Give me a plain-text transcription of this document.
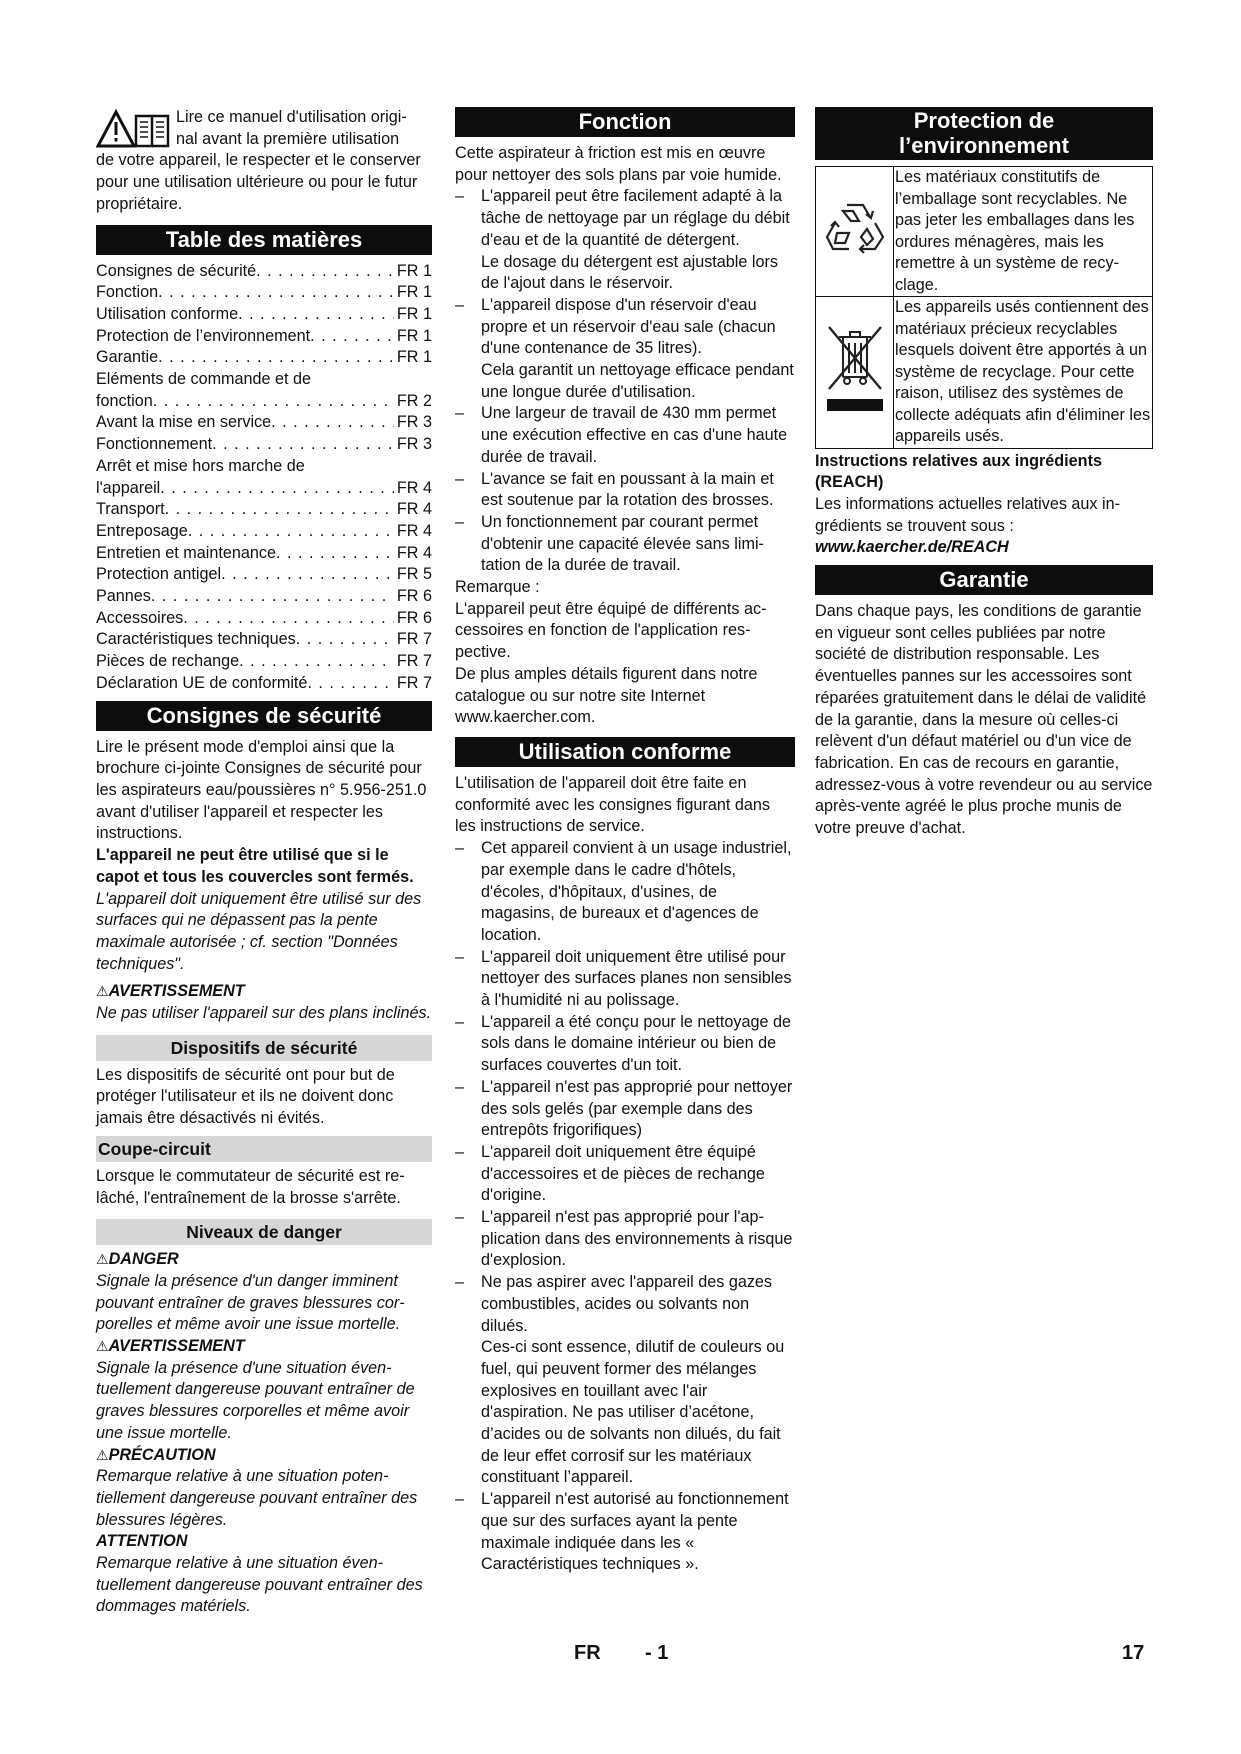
Lire ce manuel d'utilisation origi-

nal avant la première utilisation

de votre appareil, le respecter et le conserver pour une utilisation ultérieure ou pour le futur propriétaire.

Table des matières
Consignes de sécurité . . .	FR 1
Fonction . . .	FR 1
Utilisation conforme . . .	FR 1
Protection de l’environnement . . .	FR 1
Garantie . . .	FR 1
Eléments de commande et de
fonction . . .	FR 2
Avant la mise en service . . .	FR 3
Fonctionnement . . .	FR 3
Arrêt et mise hors marche de
l'appareil . . .	FR 4
Transport . . .	FR 4
Entreposage . . .	FR 4
Entretien et maintenance . . .	FR 4
Protection antigel . . .	FR 5
Pannes . . .	FR 6
Accessoires . . .	FR 6
Caractéristiques techniques . . .	FR 7
Pièces de rechange . . .	FR 7
Déclaration UE de conformité . . .	FR 7
Consignes de sécurité

Lire le présent mode d'emploi ainsi que la brochure ci-jointe Consignes de sécurité pour les aspirateurs eau/poussières n° 5.956-251.0 avant d'utiliser l'appareil et respecter les instructions.

L'appareil ne peut être utilisé que si le capot et tous les couvercles sont fermés.

L'appareil doit uniquement être utilisé sur des surfaces qui ne dépassent pas la pente maximale autorisée ; cf. section "Données techniques".

⚠AVERTISSEMENT

Ne pas utiliser l'appareil sur des plans inclinés.

Dispositifs de sécurité

Les dispositifs de sécurité ont pour but de protéger l'utilisateur et ils ne doivent donc jamais être désactivés ni évités.

Coupe-circuit

Lorsque le commutateur de sécurité est relâché, l'entraînement de la brosse s'arrête.

Niveaux de danger

⚠DANGER

Signale la présence d'un danger imminent pouvant entraîner de graves blessures corporelles et même avoir une issue mortelle.

⚠AVERTISSEMENT

Signale la présence d'une situation éventuellement dangereuse pouvant entraîner de graves blessures corporelles et même avoir une issue mortelle.

⚠PRÉCAUTION

Remarque relative à une situation potentiellement dangereuse pouvant entraîner des blessures légères.

ATTENTION

Remarque relative à une situation éventuellement dangereuse pouvant entraîner des dommages matériels.

Fonction

Cette aspirateur à friction est mis en œuvre pour nettoyer des sols plans par voie humide.

– L'appareil peut être facilement adapté à la tâche de nettoyage par un réglage du débit d'eau et de la quantité de détergent.
Le dosage du détergent est ajustable lors de l'ajout dans le réservoir.
– L'appareil dispose d'un réservoir d'eau propre et un réservoir d'eau sale (chacun d'une contenance de 35 litres).
Cela garantit un nettoyage efficace pendant une longue durée d'utilisation.
– Une largeur de travail de 430 mm permet une exécution effective en cas d'une haute durée de travail.
– L'avance se fait en poussant à la main et est soutenue par la rotation des brosses.
– Un fonctionnement par courant permet d'obtenir une capacité élevée sans limitation de la durée de travail.

Remarque :

L'appareil peut être équipé de différents accessoires en fonction de l'application respective.

De plus amples détails figurent dans notre catalogue ou sur notre site Internet www.kaercher.com.

Utilisation conforme

L'utilisation de l'appareil doit être faite en conformité avec les consignes figurant dans les instructions de service.

– Cet appareil convient à un usage industriel, par exemple dans le cadre d'hôtels, d'écoles, d'hôpitaux, d'usines, de magasins, de bureaux et d'agences de location.
– L'appareil doit uniquement être utilisé pour nettoyer des surfaces planes non sensibles à l'humidité ni au polissage.
– L'appareil a été conçu pour le nettoyage de sols dans le domaine intérieur ou bien de surfaces couvertes d'un toit.
– L'appareil n'est pas approprié pour nettoyer des sols gelés (par exemple dans des entrepôts frigorifiques)
– L'appareil doit uniquement être équipé d'accessoires et de pièces de rechange d'origine.
– L'appareil n'est pas approprié pour l'application dans des environnements à risque d'explosion.
– Ne pas aspirer avec l'appareil des gazes combustibles, acides ou solvants non dilués.
Ces-ci sont essence, dilutif de couleurs ou fuel, qui peuvent former des mélanges explosives en touillant avec l'air d'aspiration. Ne pas utiliser d’acétone, d’acides ou de solvants non dilués, du fait de leur effet corrosif sur les matériaux constituant l’appareil.
– L'appareil n'est autorisé au fonctionnement que sur des surfaces ayant la pente maximale indiquée dans les « Caractéristiques techniques ».
Protection de
l’environnement
	Les matériaux constitutifs de l’emballage sont recyclables. Ne pas jeter les emballages dans les ordures ménagères, mais les remettre à un système de recyclage.
	Les appareils usés contiennent des matériaux précieux recyclables lesquels doivent être apportés à un système de recyclage. Pour cette raison, utilisez des systèmes de collecte adéquats afin d'éliminer les appareils usés.

Instructions relatives aux ingrédients (REACH)

Les informations actuelles relatives aux ingrédients se trouvent sous :

www.kaercher.de/REACH

Garantie

Dans chaque pays, les conditions de garantie en vigueur sont celles publiées par notre société de distribution responsable. Les éventuelles pannes sur les accessoires sont réparées gratuitement dans le délai de validité de la garantie, dans la mesure où celles-ci relèvent d'un défaut matériel ou d'un vice de fabrication. En cas de recours en garantie, adressez-vous à votre revendeur ou au service après-vente agréé le plus proche munis de votre preuve d'achat.

FR - 1	17
